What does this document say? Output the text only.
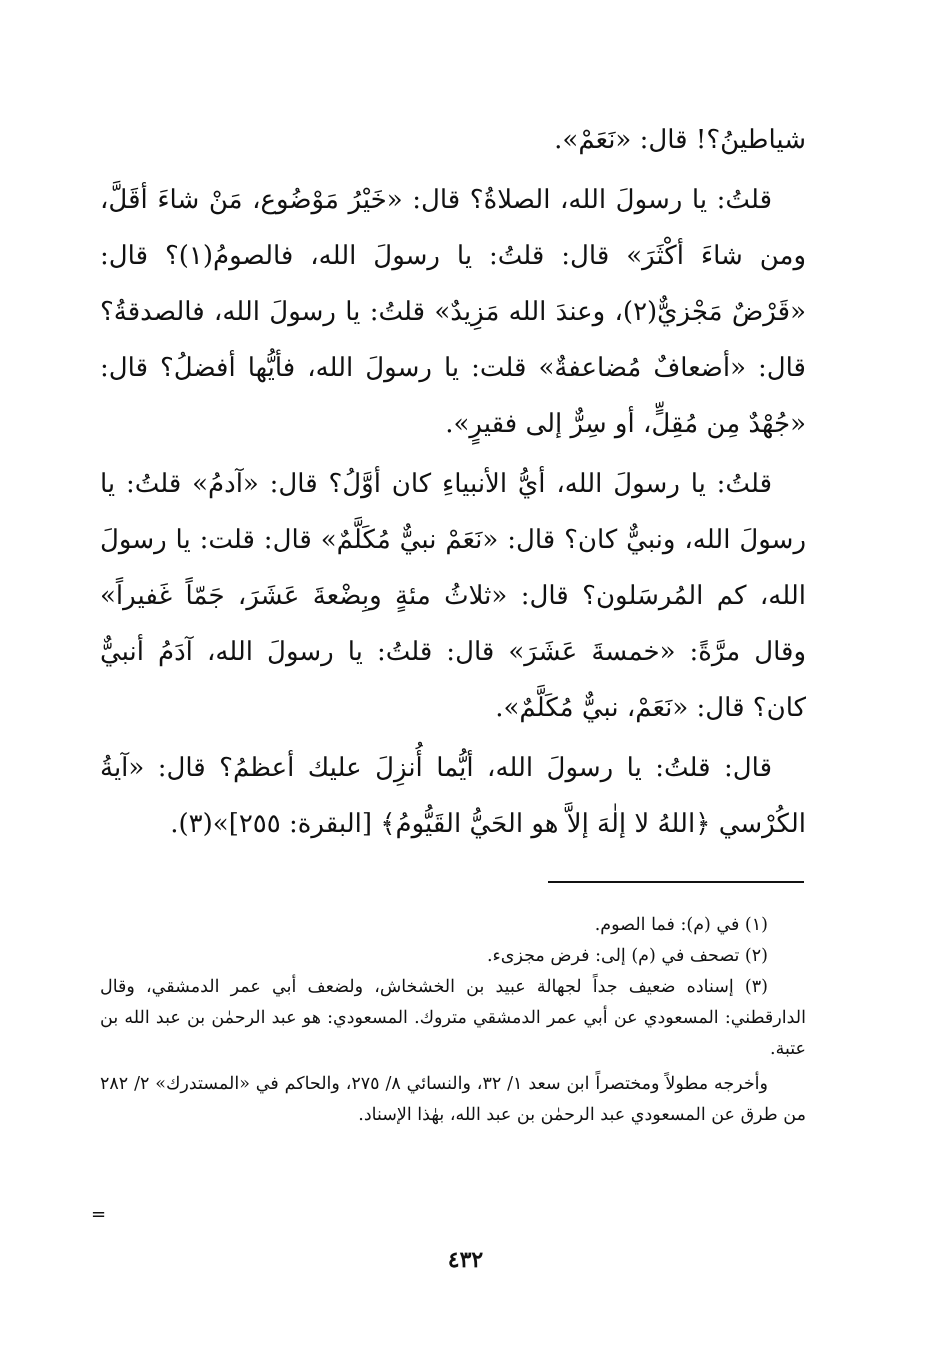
شياطينُ؟! قال: «نَعَمْ».

قلتُ: يا رسولَ الله، الصلاةُ؟ قال: «خَيْرُ مَوْضُوع، مَنْ شاءَ أقَلَّ، ومن شاءَ أكْثَرَ» قال: قلتُ: يا رسولَ الله، فالصومُ(١)؟ قال: «قَرْضٌ مَجْزيٌّ(٢)، وعندَ الله مَزِيدٌ» قلتُ: يا رسولَ الله، فالصدقةُ؟ قال: «أضعافٌ مُضاعفةٌ» قلت: يا رسولَ الله، فأيُّها أفضلُ؟ قال: «جُهْدٌ مِن مُقِلٍّ، أو سِرٌّ إلى فقيرٍ».

قلتُ: يا رسولَ الله، أيُّ الأنبياءِ كان أوَّلُ؟ قال: «آدمُ» قلتُ: يا رسولَ الله، ونبيٌّ كان؟ قال: «نَعَمْ نبيٌّ مُكَلَّمٌ» قال: قلت: يا رسولَ الله، كم المُرسَلون؟ قال: «ثلاثُ مئةٍ وبِضْعةَ عَشَرَ، جَمّاً غَفيراً» وقال مرَّةً: «خمسةَ عَشَرَ» قال: قلتُ: يا رسولَ الله، آدَمُ أنبيٌّ كان؟ قال: «نَعَمْ، نبيٌّ مُكَلَّمٌ».

قال: قلتُ: يا رسولَ الله، أيُّما أُنزِلَ عليك أعظمُ؟ قال: «آيةُ الكُرْسي ﴿اللهُ لا إلٰهَ إلاَّ هو الحَيُّ القَيُّومُ﴾ [البقرة: ٢٥٥]»(٣).

(١) في (م): فما الصوم.

(٢) تصحف في (م) إلى: فرض مجزىء.

(٣) إسناده ضعيف جداً لجهالة عبيد بن الخشخاش، ولضعف أبي عمر الدمشقي، وقال الدارقطني: المسعودي عن أبي عمر الدمشقي متروك. المسعودي: هو عبد الرحمٰن بن عبد الله بن عتبة.

وأخرجه مطولاً ومختصراً ابن سعد ١/ ٣٢، والنسائي ٨/ ٢٧٥، والحاكم في «المستدرك» ٢/ ٢٨٢ من طرق عن المسعودي عبد الرحمٰن بن عبد الله، بهٰذا الإسناد.

=
٤٣٢
